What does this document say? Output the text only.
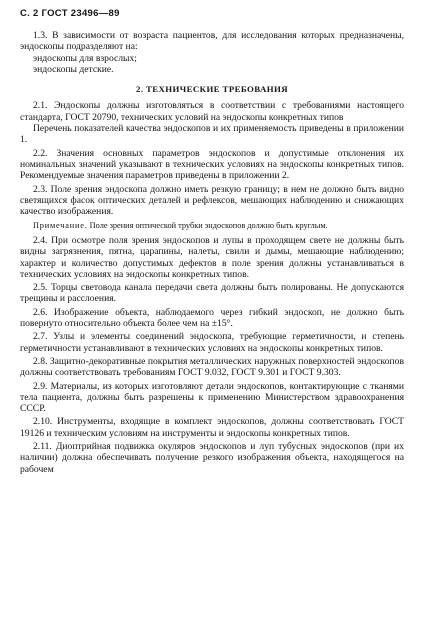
С. 2 ГОСТ 23496—89

1.3. В зависимости от возраста пациентов, для исследования которых предназначены, эндоскопы подразделяют на:

эндоскопы для взрослых;

эндоскопы детские.

2. ТЕХНИЧЕСКИЕ ТРЕБОВАНИЯ

2.1. Эндоскопы должны изготовляться в соответствии с требованиями настоящего стандарта, ГОСТ 20790, технических условий на эндоскопы конкретных типов

Перечень показателей качества эндоскопов и их применяемость приведены в приложении 1.

2.2. Значения основных параметров эндоскопов и допустимые отклонения их номинальных значений указывают в технических условиях на эндоскопы конкретных типов. Рекомендуемые значения параметров приведены в приложении 2.

2.3. Поле зрения эндоскопа должно иметь резкую границу; в нем не должно быть видно светящихся фасок оптических деталей и рефлексов, мешающих наблюдению и снижающих качество изображения.

Примечание. Поле зрения оптической трубки эндоскопов должно быть круглым.

2.4. При осмотре поля зрения эндоскопов и лупы в проходящем свете не должны быть видны загрязнения, пятна, царапины, налеты, свили и дымы, мешающие наблюдению; характер и количество допустимых дефектов в поле зрения должны устанавливаться в технических условиях на эндоскопы конкретных типов.

2.5. Торцы световода канала передачи света должны быть полированы. Не допускаются трещины и расслоения.

2.6. Изображение объекта, наблюдаемого через гибкий эндоскоп, не должно быть повернуто относительно объекта более чем на ±15°.

2.7. Узлы и элементы соединений эндоскопа, требующие герметичности, и степень герметичности устанавливают в технических условиях на эндоскопы конкретных типов.

2.8. Защитно-декоративные покрытия металлических наружных поверхностей эндоскопов должны соответствовать требованиям ГОСТ 9.032, ГОСТ 9.301 и ГОСТ 9.303.

2.9. Материалы, из которых изготовляют детали эндоскопов, контактирующие с тканями тела пациента, должны быть разрешены к применению Министерством здравоохранения СССР.

2.10. Инструменты, входящие в комплект эндоскопов, должны соответствовать ГОСТ 19126 и техническим условиям на инструменты и эндоскопы конкретных типов.

2.11. Диоптрийная подвижка окуляров эндоскопов и луп тубусных эндоскопов (при их наличии) должна обеспечивать получение резкого изображения объекта, находящегося на рабочем
